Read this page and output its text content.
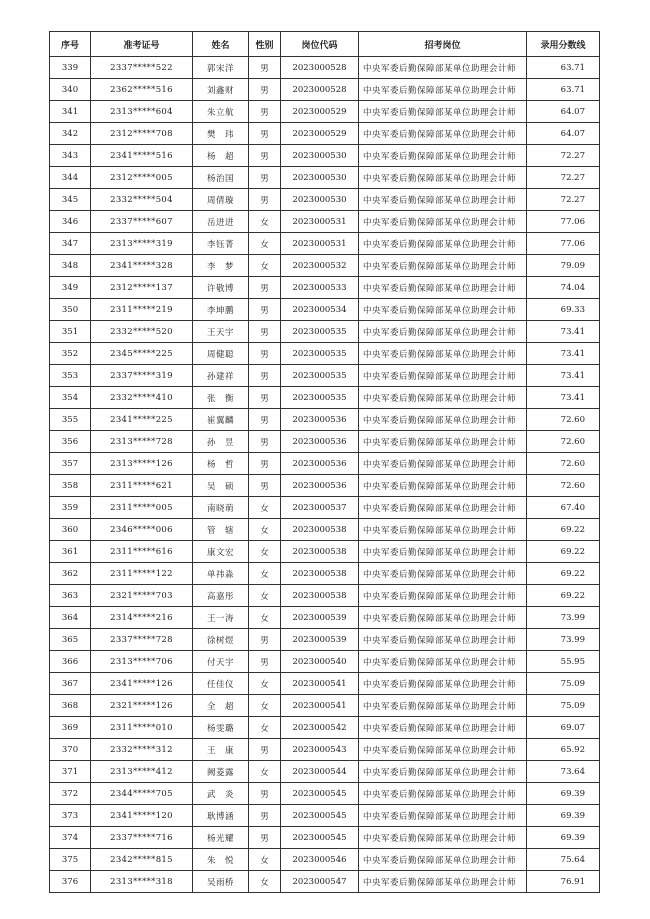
序号	准考证号	姓名	性别	岗位代码	招考岗位	录用分数线
339	2337*****522	郭宋洋	男	2023000528	中央军委后勤保障部某单位助理会计师	63.71
340	2362*****516	刘鑫财	男	2023000528	中央军委后勤保障部某单位助理会计师	63.71
341	2313*****604	朱立航	男	2023000529	中央军委后勤保障部某单位助理会计师	64.07
342	2312*****708	樊　玮	男	2023000529	中央军委后勤保障部某单位助理会计师	64.07
343	2341*****516	杨　超	男	2023000530	中央军委后勤保障部某单位助理会计师	72.27
344	2312*****005	杨治国	男	2023000530	中央军委后勤保障部某单位助理会计师	72.27
345	2332*****504	周倩璇	男	2023000530	中央军委后勤保障部某单位助理会计师	72.27
346	2337*****607	岳进进	女	2023000531	中央军委后勤保障部某单位助理会计师	77.06
347	2313*****319	李钰菁	女	2023000531	中央军委后勤保障部某单位助理会计师	77.06
348	2341*****328	李　梦	女	2023000532	中央军委后勤保障部某单位助理会计师	79.09
349	2312*****137	许敬博	男	2023000533	中央军委后勤保障部某单位助理会计师	74.04
350	2311*****219	李坤鹏	男	2023000534	中央军委后勤保障部某单位助理会计师	69.33
351	2332*****520	王天宇	男	2023000535	中央军委后勤保障部某单位助理会计师	73.41
352	2345*****225	周健聪	男	2023000535	中央军委后勤保障部某单位助理会计师	73.41
353	2337*****319	孙建祥	男	2023000535	中央军委后勤保障部某单位助理会计师	73.41
354	2332*****410	张　衡	男	2023000535	中央军委后勤保障部某单位助理会计师	73.41
355	2341*****225	崔翼麟	男	2023000536	中央军委后勤保障部某单位助理会计师	72.60
356	2313*****728	孙　昱	男	2023000536	中央军委后勤保障部某单位助理会计师	72.60
357	2313*****126	杨　哲	男	2023000536	中央军委后勤保障部某单位助理会计师	72.60
358	2311*****621	吴　硕	男	2023000536	中央军委后勤保障部某单位助理会计师	72.60
359	2311*****005	南晓萌	女	2023000537	中央军委后勤保障部某单位助理会计师	67.40
360	2346*****006	管　辖	女	2023000538	中央军委后勤保障部某单位助理会计师	69.22
361	2311*****616	康文宏	女	2023000538	中央军委后勤保障部某单位助理会计师	69.22
362	2311*****122	单祎淼	女	2023000538	中央军委后勤保障部某单位助理会计师	69.22
363	2321*****703	高嘉彤	女	2023000538	中央军委后勤保障部某单位助理会计师	69.22
364	2314*****216	王一涛	女	2023000539	中央军委后勤保障部某单位助理会计师	73.99
365	2337*****728	徐树煜	男	2023000539	中央军委后勤保障部某单位助理会计师	73.99
366	2313*****706	付天宇	男	2023000540	中央军委后勤保障部某单位助理会计师	55.95
367	2341*****126	任佳仪	女	2023000541	中央军委后勤保障部某单位助理会计师	75.09
368	2321*****126	全　超	女	2023000541	中央军委后勤保障部某单位助理会计师	75.09
369	2311*****010	杨雯璐	女	2023000542	中央军委后勤保障部某单位助理会计师	69.07
370	2332*****312	王　康	男	2023000543	中央军委后勤保障部某单位助理会计师	65.92
371	2313*****412	阙菱露	女	2023000544	中央军委后勤保障部某单位助理会计师	73.64
372	2344*****705	武　炎	男	2023000545	中央军委后勤保障部某单位助理会计师	69.39
373	2341*****120	耿博涵	男	2023000545	中央军委后勤保障部某单位助理会计师	69.39
374	2337*****716	杨光耀	男	2023000545	中央军委后勤保障部某单位助理会计师	69.39
375	2342*****815	朱　悦	女	2023000546	中央军委后勤保障部某单位助理会计师	75.64
376	2313*****318	吴雨桥	女	2023000547	中央军委后勤保障部某单位助理会计师	76.91
